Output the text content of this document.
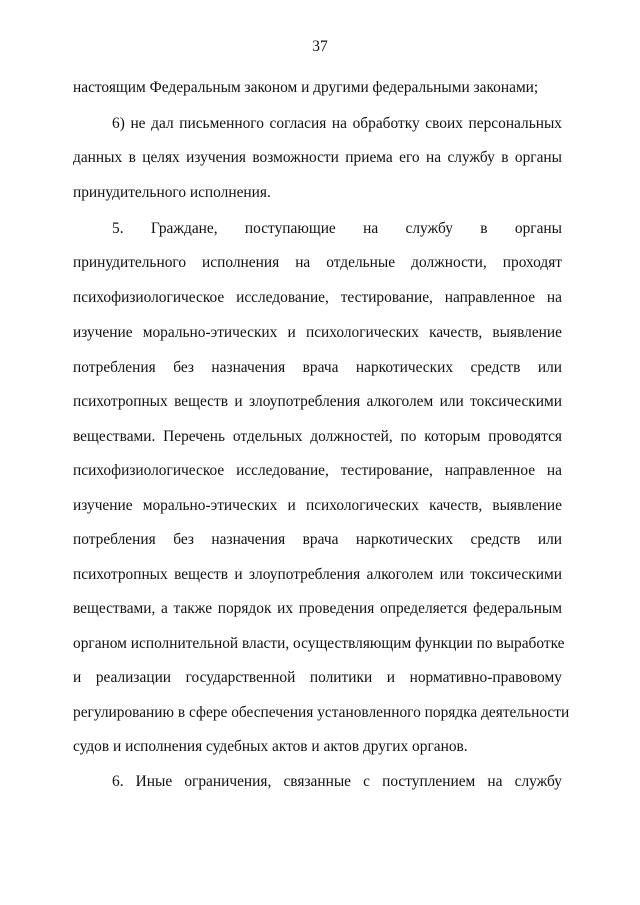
37
настоящим Федеральным законом и другими федеральными законами;
6) не дал письменного согласия на обработку своих персональных
данных в целях изучения возможности приема его на службу в органы
принудительного исполнения.
5. Граждане, поступающие на службу в органы
принудительного исполнения на отдельные должности, проходят
психофизиологическое исследование, тестирование, направленное на
изучение морально-этических и психологических качеств, выявление
потребления без назначения врача наркотических средств или
психотропных веществ и злоупотребления алкоголем или токсическими
веществами. Перечень отдельных должностей, по которым проводятся
психофизиологическое исследование, тестирование, направленное на
изучение морально-этических и психологических качеств, выявление
потребления без назначения врача наркотических средств или
психотропных веществ и злоупотребления алкоголем или токсическими
веществами, а также порядок их проведения определяется федеральным
органом исполнительной власти, осуществляющим функции по выработке
и реализации государственной политики и нормативно-правовому
регулированию в сфере обеспечения установленного порядка деятельности
судов и исполнения судебных актов и актов других органов.
6. Иные ограничения, связанные с поступлением на службу
